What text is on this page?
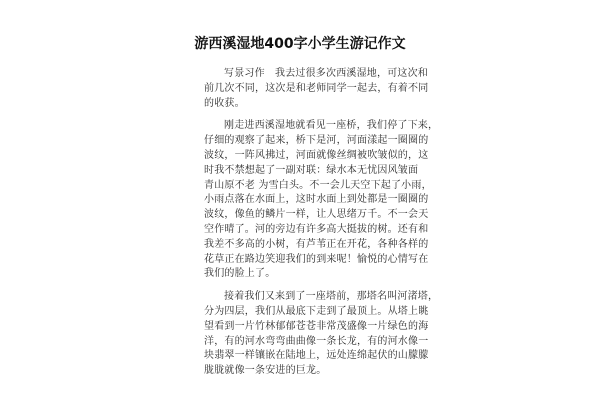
游西溪湿地400字小学生游记作文
写景习作　我去过很多次西溪湿地，可这次和
前几次不同，这次是和老师同学一起去，有着不同
的收获。
刚走进西溪湿地就看见一座桥，我们停了下来，
仔细的观察了起来，桥下是河，河面漾起一圈圈的
波纹，一阵风拂过，河面就像丝绸被吹皱似的，这
时我不禁想起了一副对联：绿水本无忧因风皱面
青山原不老 为雪白头。不一会儿天空下起了小雨，
小雨点落在水面上，这时水面上到处都是一圈圈的
波纹，像鱼的鳞片一样，让人思绪万千。不一会天
空作晴了。河的旁边有许多高大挺拔的树。还有和
我差不多高的小树，有芦苇正在开花，各种各样的
花草正在路边笑迎我们的到来呢！愉悦的心情写在
我们的脸上了。
接着我们又来到了一座塔前，那塔名叫河渚塔，
分为四层，我们从最底下走到了最顶上。从塔上眺
望看到一片竹林郁郁苍苍非常茂盛像一片绿色的海
洋，有的河水弯弯曲曲像一条长龙，有的河水像一
块翡翠一样镶嵌在陆地上，远处连绵起伏的山朦朦
胧胧就像一条安进的巨龙。
